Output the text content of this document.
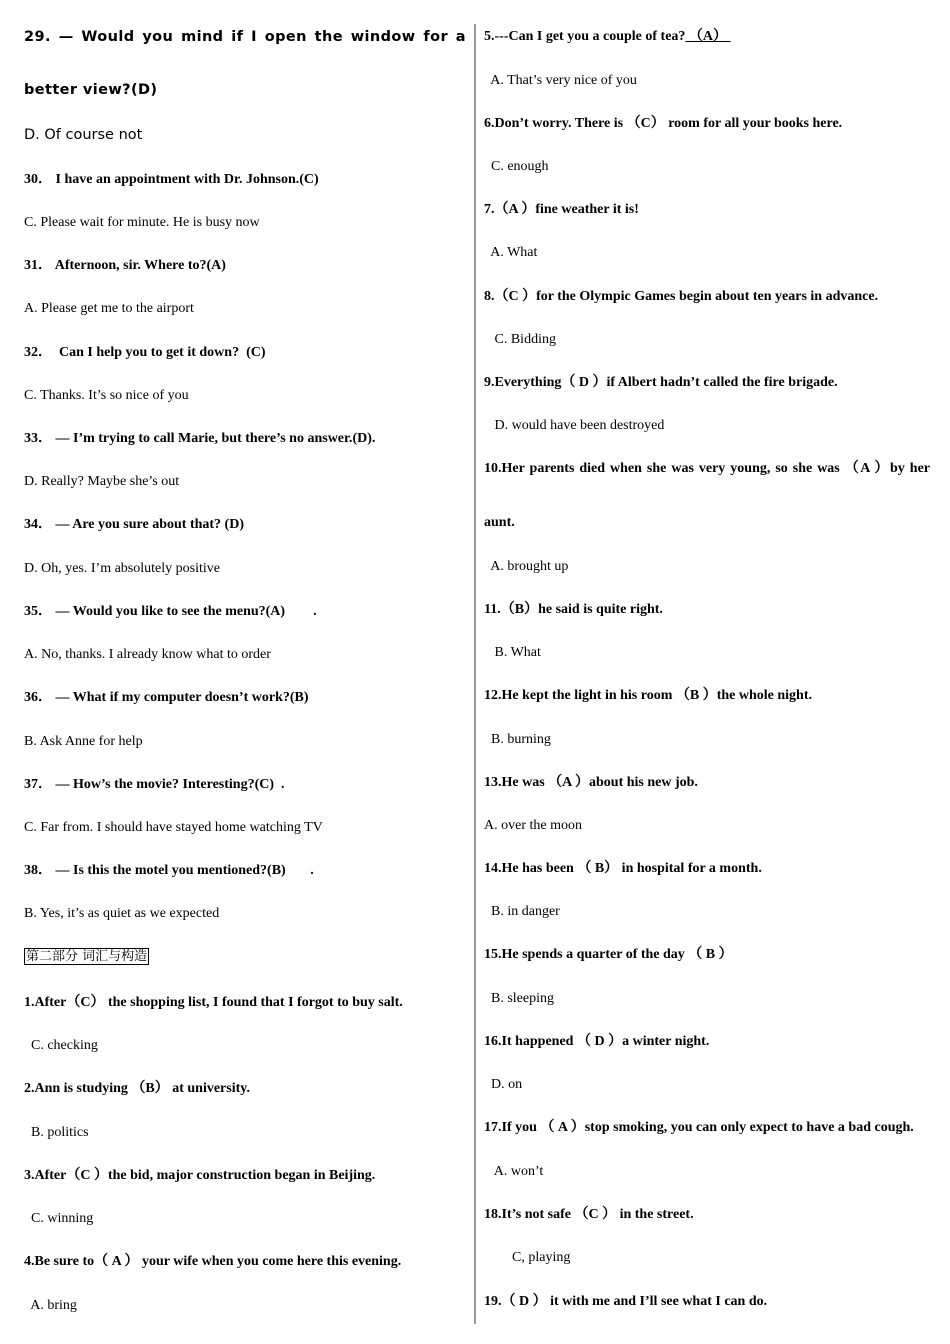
29. — Would you mind if I open the window for a
better view?(D)
D. Of course not
30． I have an appointment with Dr. Johnson.(C)
C. Please wait for minute. He is busy now
31． Afternoon, sir. Where to?(A)
A. Please get me to the airport
32．  Can I help you to get it down?  (C)
C. Thanks. It’s so nice of you
33． — I’m trying to call Marie, but there’s no answer.(D).
D. Really? Maybe she’s out
34． — Are you sure about that? (D)
D. Oh, yes. I’m absolutely positive
35． — Would you like to see the menu?(A)        .
A. No, thanks. I already know what to order
36． — What if my computer doesn’t work?(B)
B. Ask Anne for help
37． — How’s the movie? Interesting?(C)  .
C. Far from. I should have stayed home watching TV
38． — Is this the motel you mentioned?(B)       .
B. Yes, it’s as quiet as we expected
第二部分 词汇与构造
1.After（C） the shopping list, I found that I forgot to buy salt.
C. checking
2.Ann is studying （B） at university.
B. politics
3.After（C ）the bid, major construction began in Beijing.
C. winning
4.Be sure to（ A ） your wife when you come here this evening.
A. bring
5.---Can I get you a couple of tea? （A）
A. That’s very nice of you
6.Don’t worry. There is （C） room for all your books here.
C. enough
7.（A ）fine weather it is!
A. What
8.（C ）for the Olympic Games begin about ten years in advance.
C. Bidding
9.Everything（ D ）if Albert hadn’t called the fire brigade.
D. would have been destroyed
10.Her parents died when she was very young, so she was （A ）by her
aunt.
A. brought up
11.（B）he said is quite right.
B. What
12.He kept the light in his room （B ）the whole night.
B. burning
13.He was （A ）about his new job.
A. over the moon
14.He has been （ B） in hospital for a month.
B. in danger
15.He spends a quarter of the day （ B ）
B. sleeping
16.It happened （ D ）a winter night.
D. on
17.If you （ A ）stop smoking, you can only expect to have a bad cough.
A. won’t
18.It’s not safe （C ） in the street.
C, playing
19.（ D ） it with me and I’ll see what I can do.
